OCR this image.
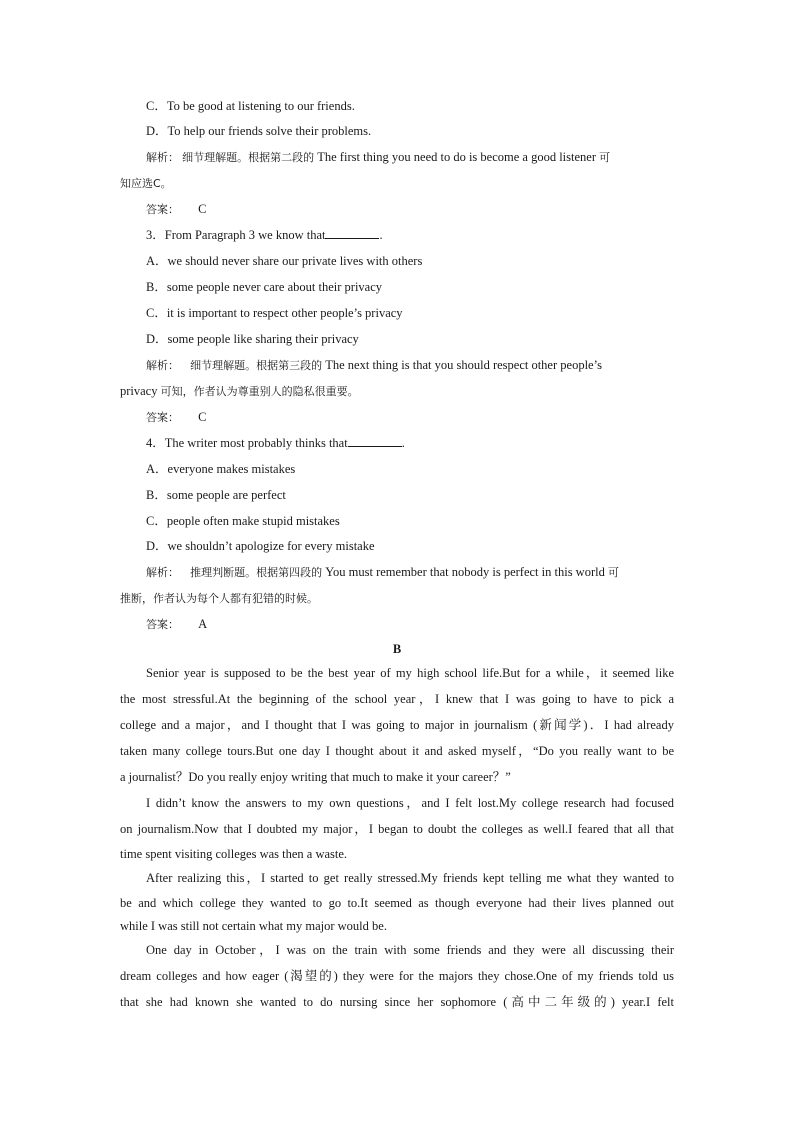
C．To be good at listening to our friends.
D．To help our friends solve their problems.
解析： 细节理解题。根据第二段的 The first thing you need to do is become a good listener 可
知应选C。
答案： C
3．From Paragraph 3 we know that	.
A．we should never share our private lives with others
B．some people never care about their privacy
C．it is important to respect other people’s privacy
D．some people like sharing their privacy
解析： 细节理解题。根据第三段的 The next thing is that you should respect other people’s
privacy 可知，作者认为尊重别人的隐私很重要。
答案： C
4．The writer most probably thinks that	.
A．everyone makes mistakes
B．some people are perfect
C．people often make stupid mistakes
D．we shouldn’t apologize for every mistake
解析： 推理判断题。根据第四段的 You must remember that nobody is perfect in this world 可
推断，作者认为每个人都有犯错的时候。
答案： A
B
Senior year is supposed to be the best year of my high school life.But for a while，it seemed like
the most stressful.At the beginning of the school year，I knew that I was going to have to pick a
college and a major，and I thought that I was going to major in journalism (新闻学)．I had already
taken many college tours.But one day I thought about it and asked myself，“Do you really want to be
a journalist？Do you really enjoy writing that much to make it your career？”
I didn’t know the answers to my own questions，and I felt lost.My college research had focused
on journalism.Now that I doubted my major，I began to doubt the colleges as well.I feared that all that
time spent visiting colleges was then a waste.
After realizing this，I started to get really stressed.My friends kept telling me what they wanted to
be and which college they wanted to go to.It seemed as though everyone had their lives planned out
while I was still not certain what my major would be.
One day in October，I was on the train with some friends and they were all discussing their
dream colleges and how eager (渴望的) they were for the majors they chose.One of my friends told us
that she had known she wanted to do nursing since her sophomore (高中二年级的) year.I felt
